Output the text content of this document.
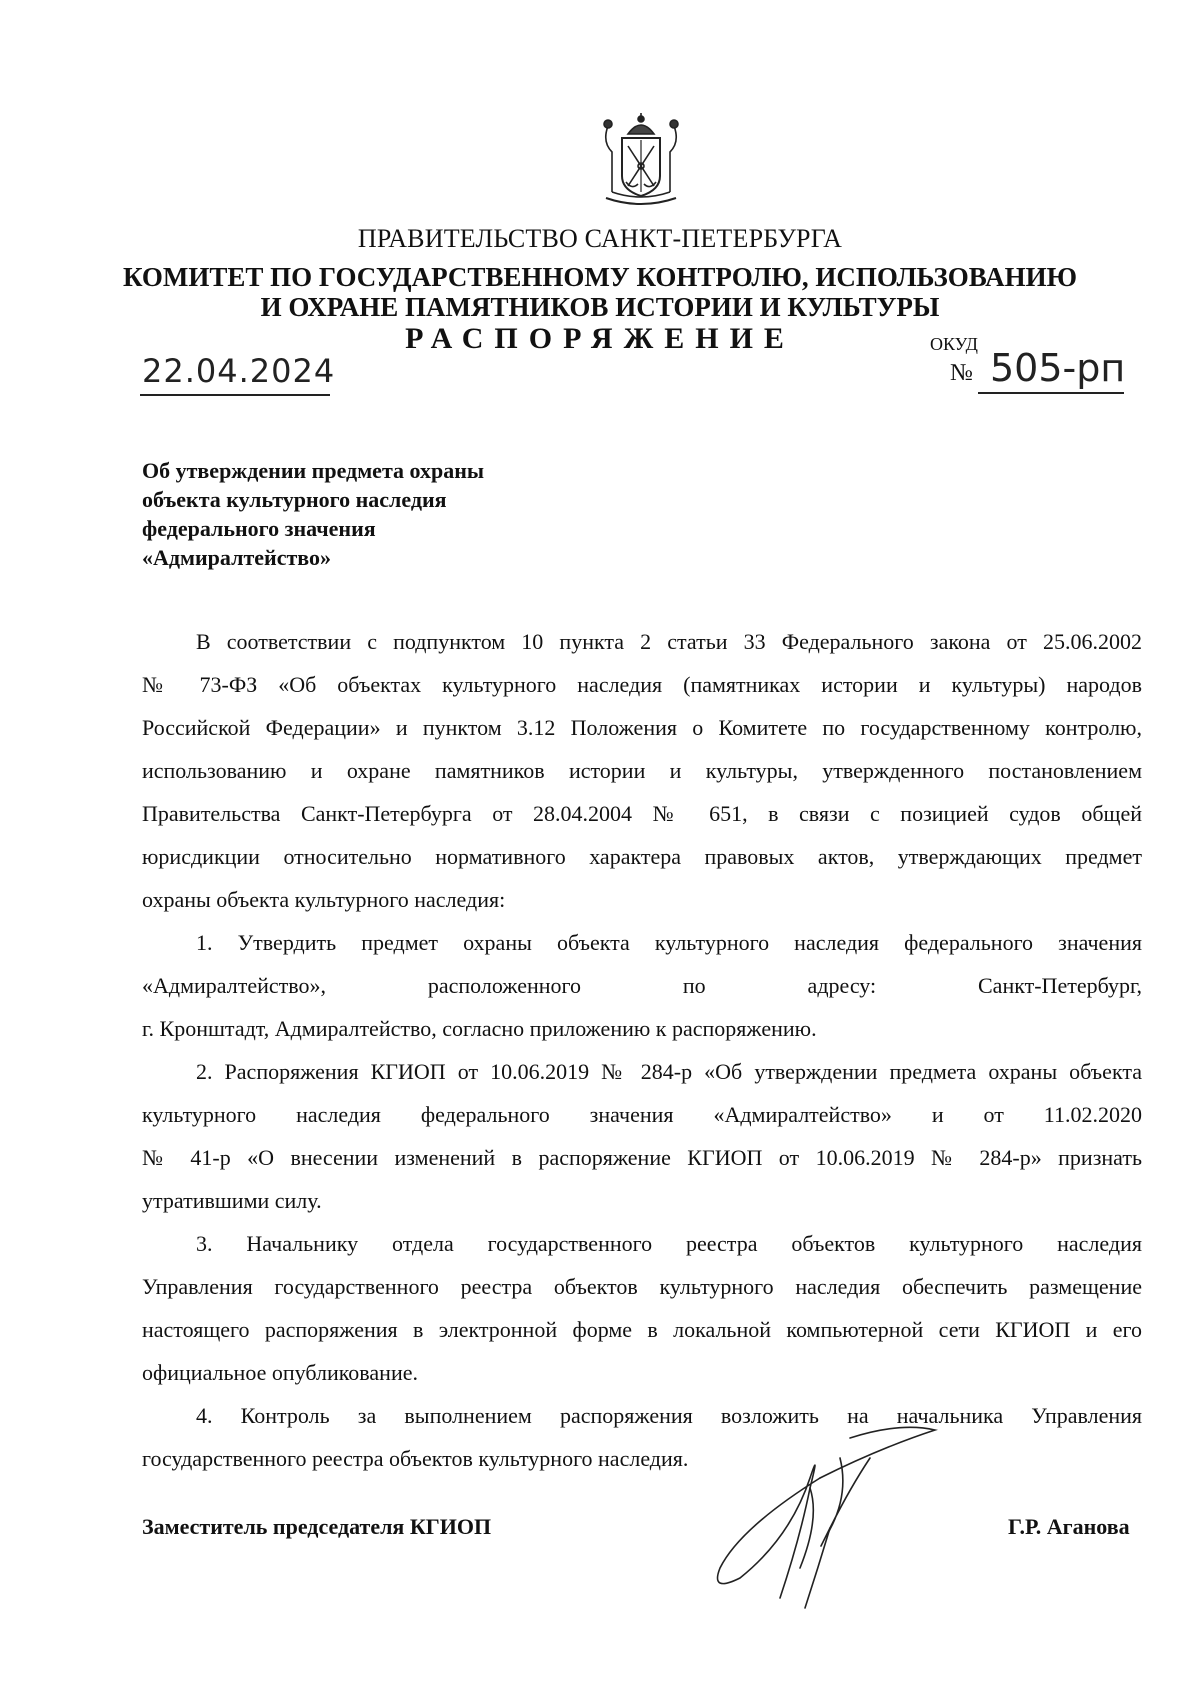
ПРАВИТЕЛЬСТВО САНКТ-ПЕТЕРБУРГА
КОМИТЕТ ПО ГОСУДАРСТВЕННОМУ КОНТРОЛЮ, ИСПОЛЬЗОВАНИЮ
И ОХРАНЕ ПАМЯТНИКОВ ИСТОРИИ И КУЛЬТУРЫ
РАСПОРЯЖЕНИЕ
22.04.2024
ОКУД
№ 505-рп
Об утверждении предмета охраны
объекта культурного наследия
федерального значения
«Адмиралтейство»
В соответствии с подпунктом 10 пункта 2 статьи 33 Федерального закона от 25.06.2002
№ 73-ФЗ «Об объектах культурного наследия (памятниках истории и культуры) народов
Российской Федерации» и пунктом 3.12 Положения о Комитете по государственному контролю,
использованию и охране памятников истории и культуры, утвержденного постановлением
Правительства Санкт-Петербурга от 28.04.2004 № 651, в связи с позицией судов общей
юрисдикции относительно нормативного характера правовых актов, утверждающих предмет
охраны объекта культурного наследия:
1. Утвердить предмет охраны объекта культурного наследия федерального значения
«Адмиралтейство», расположенного по адресу: Санкт-Петербург,
г. Кронштадт, Адмиралтейство, согласно приложению к распоряжению.
2. Распоряжения КГИОП от 10.06.2019 № 284-р «Об утверждении предмета охраны объекта
культурного наследия федерального значения «Адмиралтейство» и от 11.02.2020
№ 41-р «О внесении изменений в распоряжение КГИОП от 10.06.2019 № 284-р» признать
утратившими силу.
3. Начальнику отдела государственного реестра объектов культурного наследия
Управления государственного реестра объектов культурного наследия обеспечить размещение
настоящего распоряжения в электронной форме в локальной компьютерной сети КГИОП и его
официальное опубликование.
4. Контроль за выполнением распоряжения возложить на начальника Управления
государственного реестра объектов культурного наследия.
Заместитель председателя КГИОП	Г.Р. Аганова
